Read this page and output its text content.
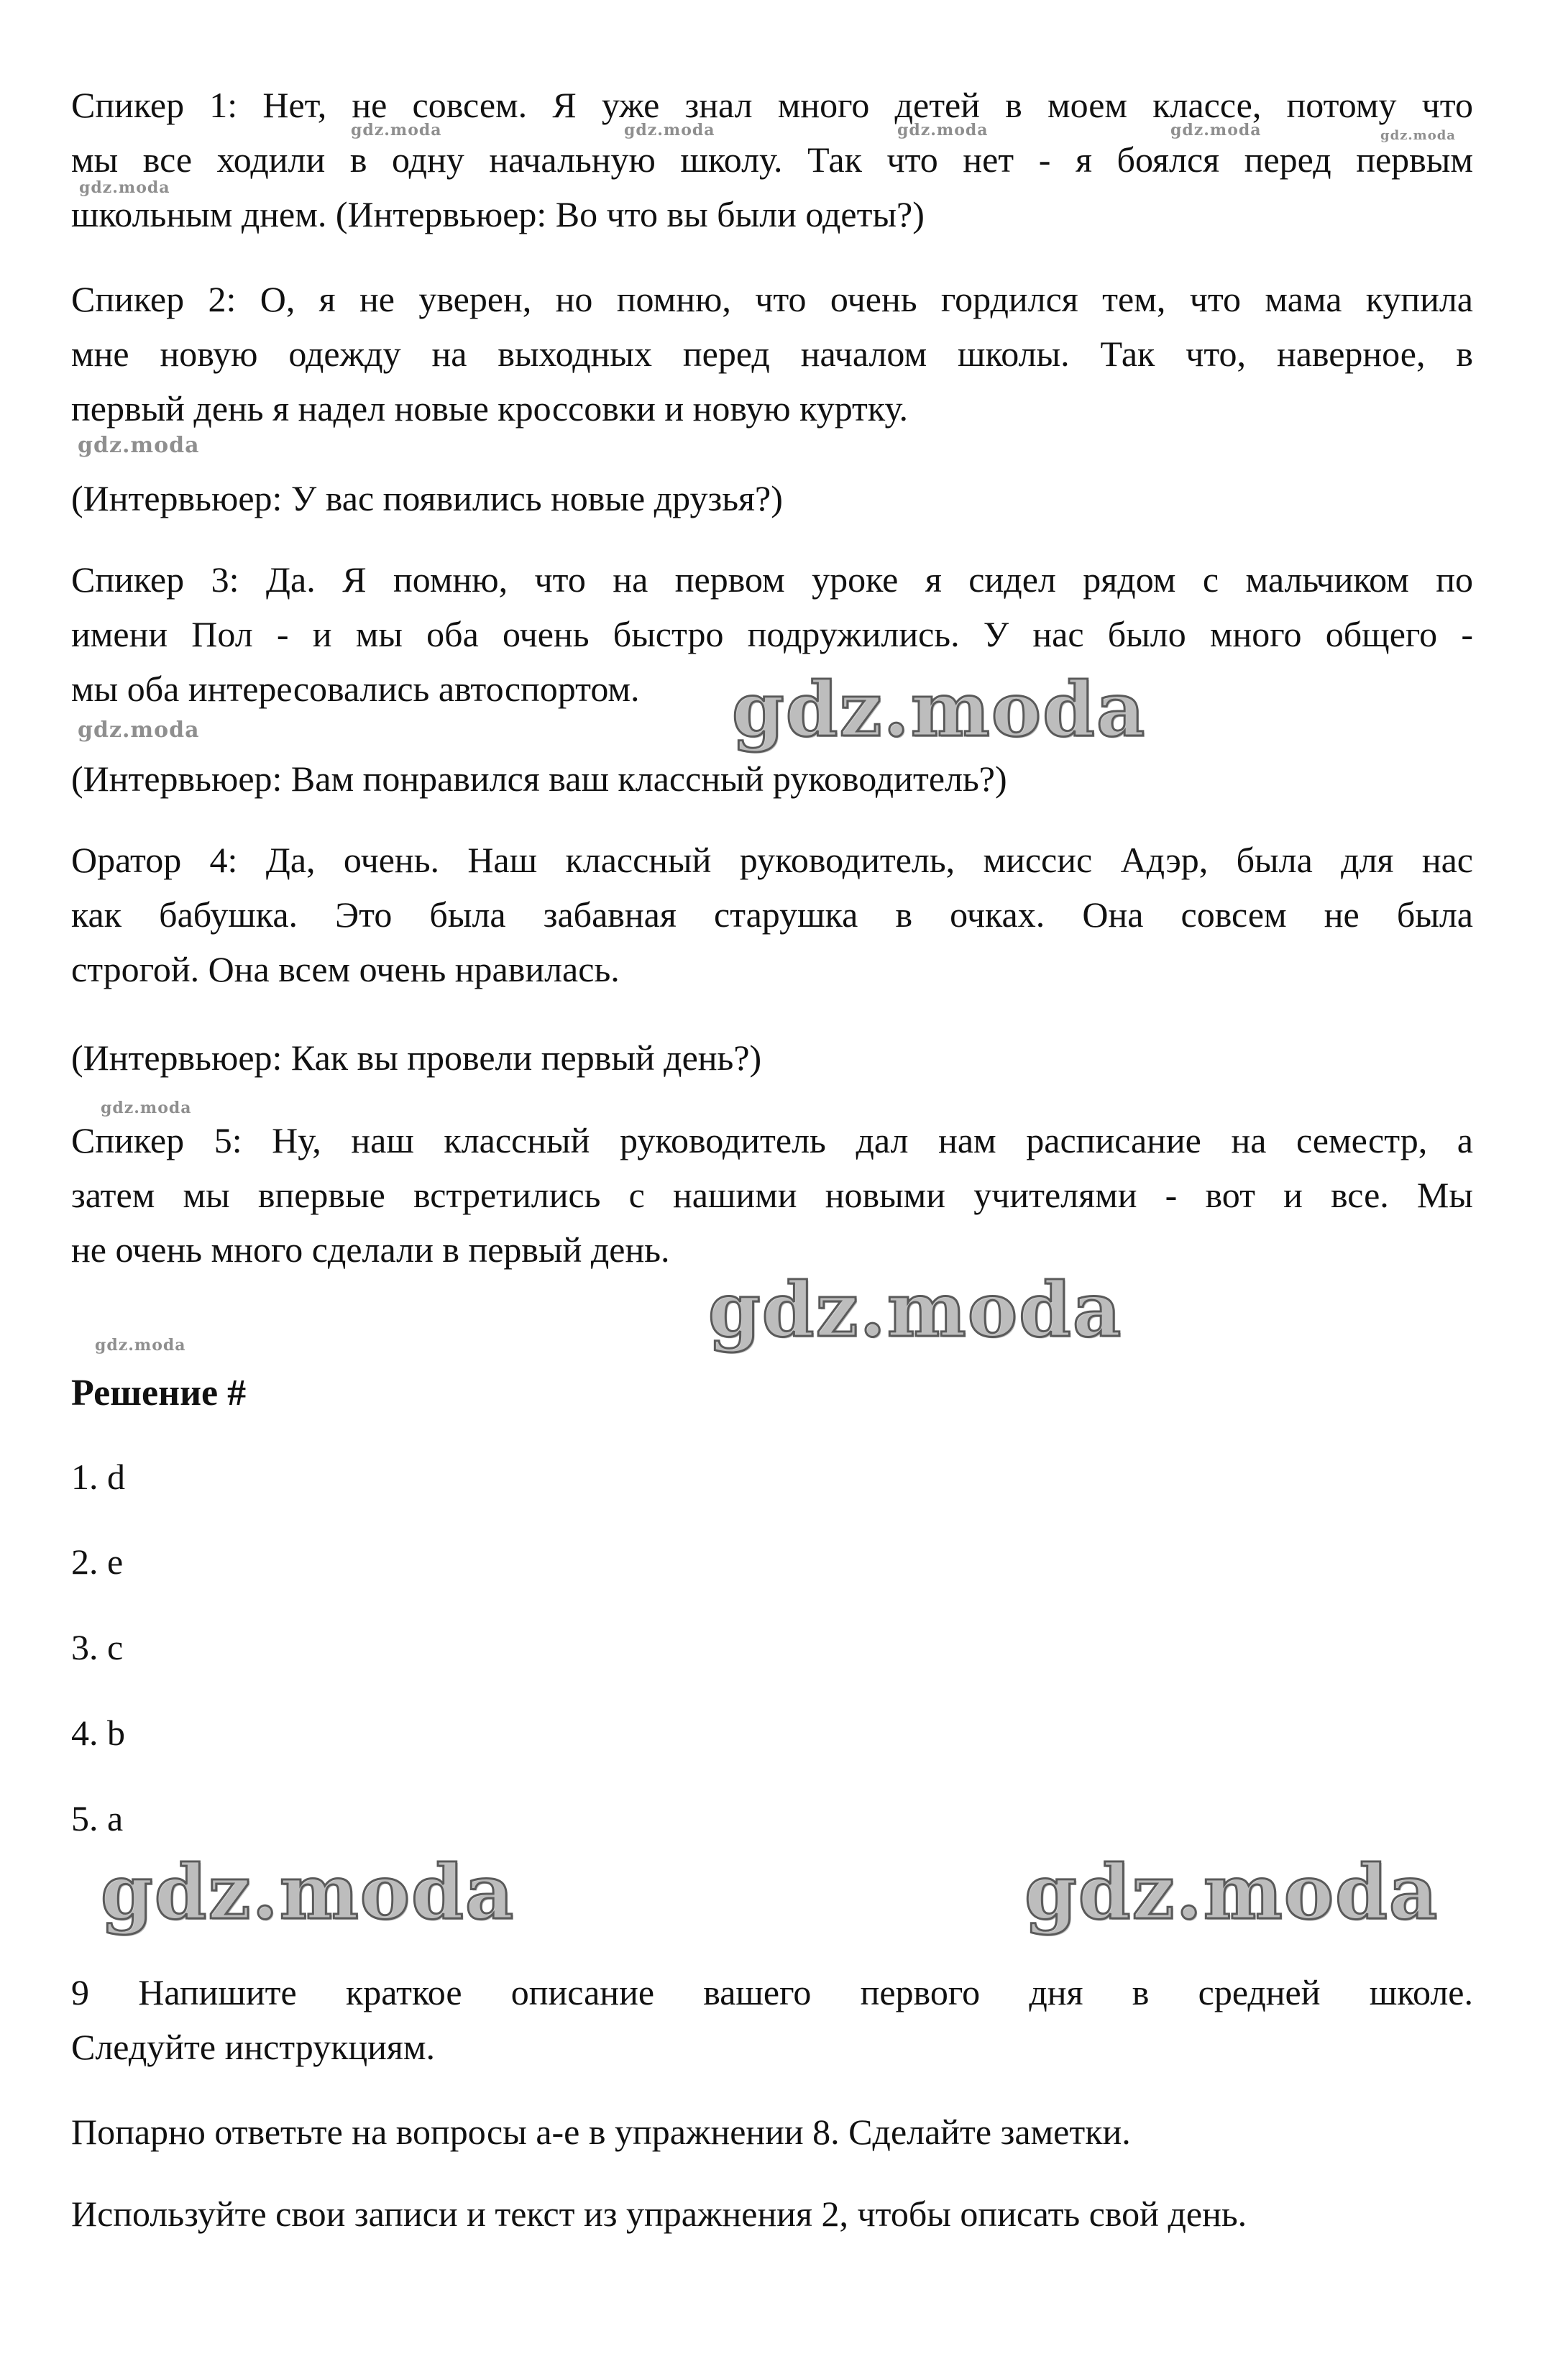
Спикер 1: Нет, не совсем. Я уже знал много детей в моем классе, потому что
мы все ходили в одну начальную школу. Так что нет - я боялся перед первым
школьным днем. (Интервьюер: Во что вы были одеты?)

Спикер 2: О, я не уверен, но помню, что очень гордился тем, что мама купила
мне новую одежду на выходных перед началом школы. Так что, наверное, в
первый день я надел новые кроссовки и новую куртку.

(Интервьюер: У вас появились новые друзья?)

Спикер 3: Да. Я помню, что на первом уроке я сидел рядом с мальчиком по
имени Пол - и мы оба очень быстро подружились. У нас было много общего -
мы оба интересовались автоспортом.

(Интервьюер: Вам понравился ваш классный руководитель?)

Оратор 4: Да, очень. Наш классный руководитель, миссис Адэр, была для нас
как бабушка. Это была забавная старушка в очках. Она совсем не была
строгой. Она всем очень нравилась.

(Интервьюер: Как вы провели первый день?)

Спикер 5: Ну, наш классный руководитель дал нам расписание на семестр, а
затем мы впервые встретились с нашими новыми учителями - вот и все. Мы
не очень много сделали в первый день.

Решение #

1. d

2. e

3. c

4. b

5. a

9 Напишите краткое описание вашего первого дня в средней школе.
Следуйте инструкциям.

Попарно ответьте на вопросы a-e в упражнении 8. Сделайте заметки.

Используйте свои записи и текст из упражнения 2, чтобы описать свой день.

gdz.moda	gdz.moda	gdz.moda	gdz.moda	gdz.moda
gdz.moda
gdz.moda
gdz.moda	gdz.moda
gdz.moda
gdz.moda
gdz.moda
gdz.moda	gdz.moda
